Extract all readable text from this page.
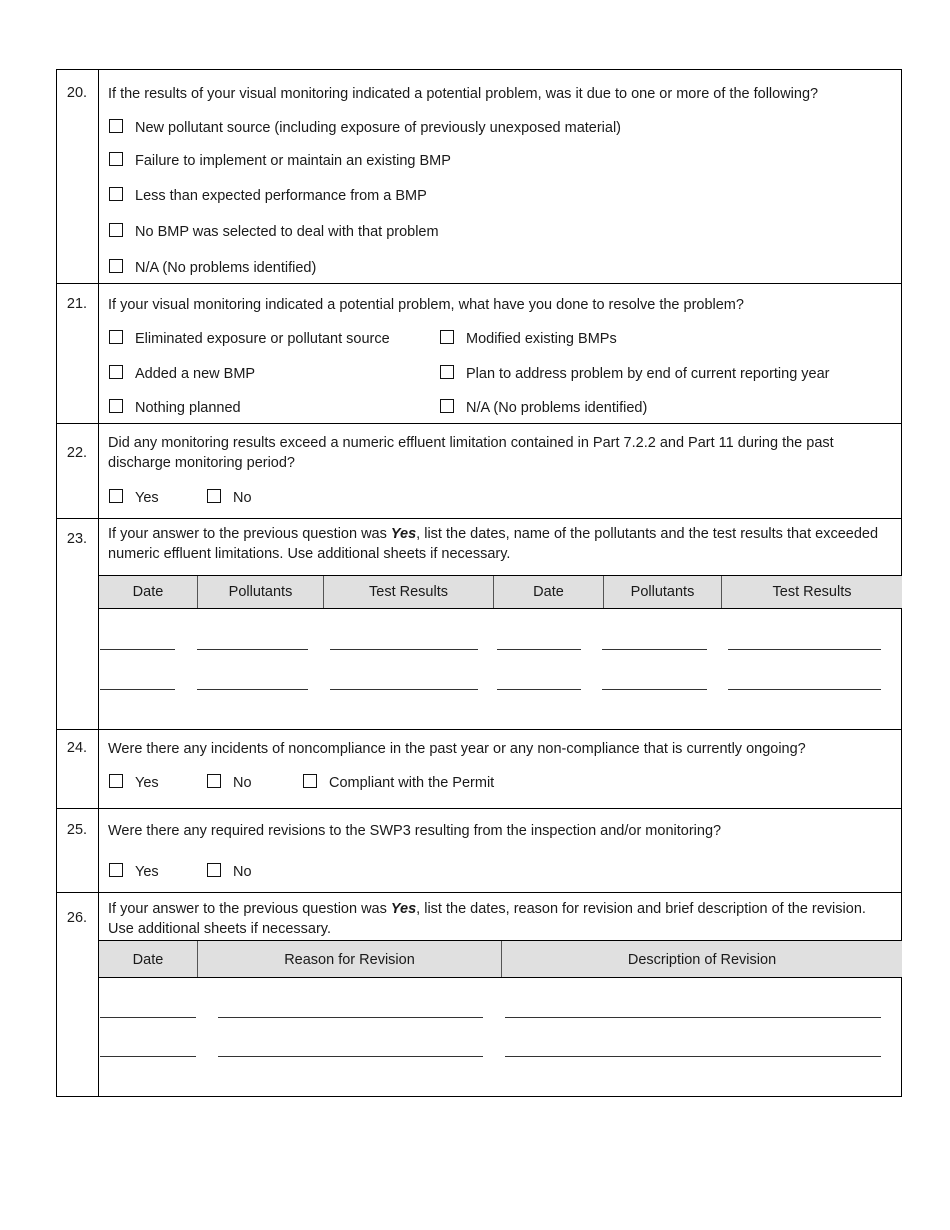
20.	If the results of your visual monitoring indicated a potential problem, was it due to one or more of the following?
New pollutant source (including exposure of previously unexposed material)
Failure to implement or maintain an existing BMP
Less than expected performance from a BMP
No BMP was selected to deal with that problem
N/A (No problems identified)
21.	If your visual monitoring indicated a potential problem, what have you done to resolve the problem?
Eliminated exposure or pollutant source	Modified existing BMPs
Added a new BMP	Plan to address problem by end of current reporting year
Nothing planned	N/A (No problems identified)
22.
Did any monitoring results exceed a numeric effluent limitation contained in Part 7.2.2 and Part 11 during the past discharge monitoring period?
Yes	No
23.	If your answer to the previous question was Yes, list the dates, name of the pollutants and the test results that exceeded numeric effluent limitations. Use additional sheets if necessary.
Date	Pollutants	Test Results	Date	Pollutants	Test Results
24.	Were there any incidents of noncompliance in the past year or any non-compliance that is currently ongoing?
Yes	No	Compliant with the Permit
25.	Were there any required revisions to the SWP3 resulting from the inspection and/or monitoring?
Yes	No
26.
If your answer to the previous question was Yes, list the dates, reason for revision and brief description of the revision. Use additional sheets if necessary.
Date	Reason for Revision	Description of Revision
